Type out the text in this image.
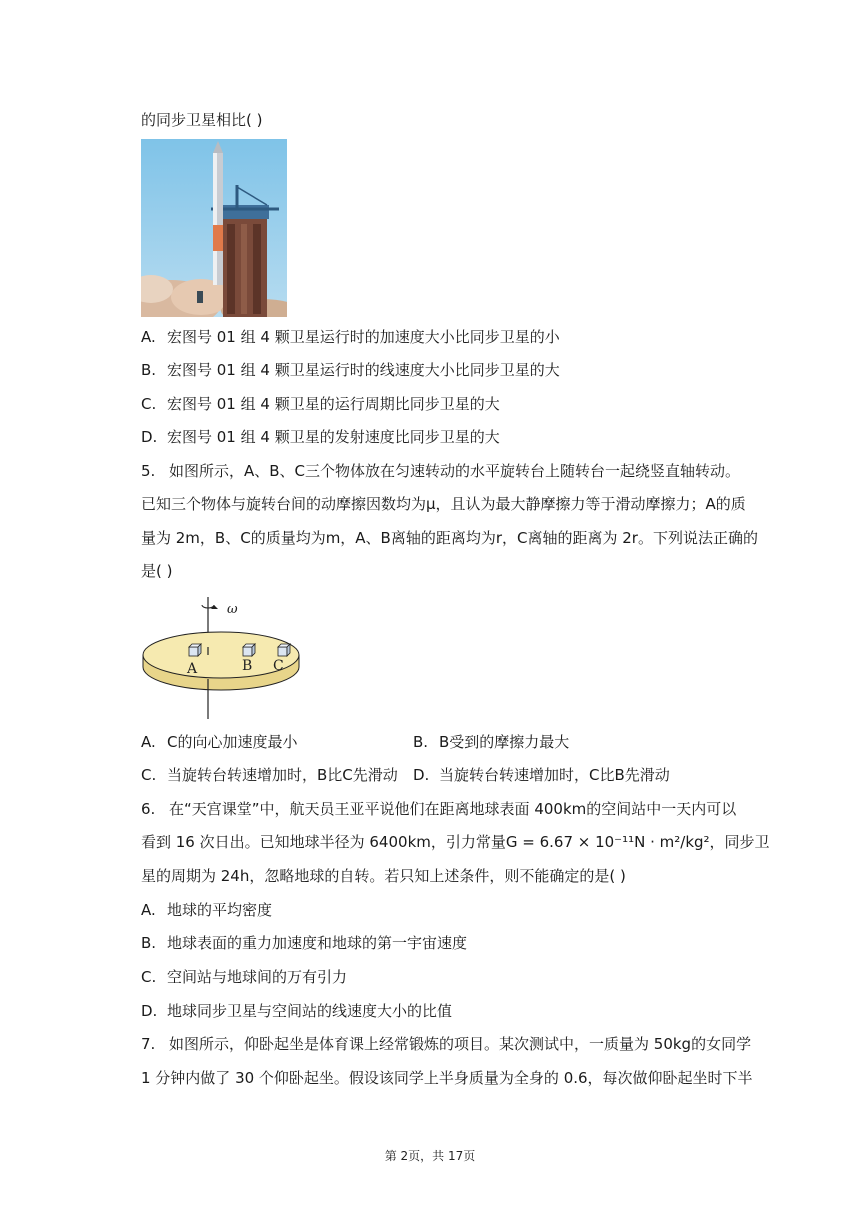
的同步卫星相比( )
A. 宏图号 01 组 4 颗卫星运行时的加速度大小比同步卫星的小
B. 宏图号 01 组 4 颗卫星运行时的线速度大小比同步卫星的大
C. 宏图号 01 组 4 颗卫星的运行周期比同步卫星的大
D. 宏图号 01 组 4 颗卫星的发射速度比同步卫星的大
5. 如图所示，A、B、C三个物体放在匀速转动的水平旋转台上随转台一起绕竖直轴转动。
已知三个物体与旋转台间的动摩擦因数均为μ，且认为最大静摩擦力等于滑动摩擦力；A的质
量为 2m，B、C的质量均为m，A、B离轴的距离均为r，C离轴的距离为 2r。下列说法正确的
是( )
ω
A	B C
A. C的向心加速度最小	B. B受到的摩擦力最大
C. 当旋转台转速增加时，B比C先滑动 D. 当旋转台转速增加时，C比B先滑动
6. 在“天宫课堂”中，航天员王亚平说他们在距离地球表面 400km的空间站中一天内可以
看到 16 次日出。已知地球半径为 6400km，引力常量G = 6.67 × 10⁻¹¹N · m²/kg²，同步卫
星的周期为 24h，忽略地球的自转。若只知上述条件，则不能确定的是( )
A. 地球的平均密度
B. 地球表面的重力加速度和地球的第一宇宙速度
C. 空间站与地球间的万有引力
D. 地球同步卫星与空间站的线速度大小的比值
7. 如图所示，仰卧起坐是体育课上经常锻炼的项目。某次测试中，一质量为 50kg的女同学
1 分钟内做了 30 个仰卧起坐。假设该同学上半身质量为全身的 0.6，每次做仰卧起坐时下半
第 2页，共 17页
